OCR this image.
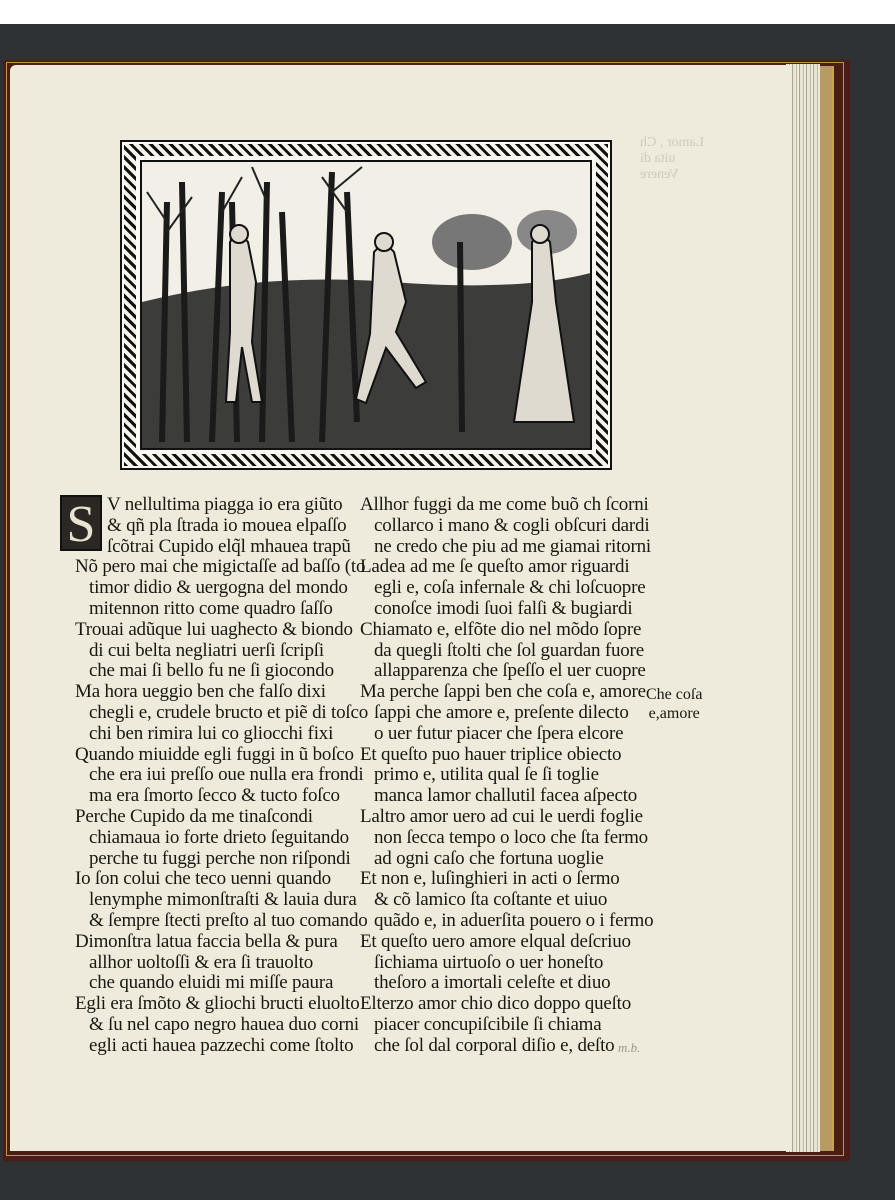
Lamor , Ch
uita di
Venere
S V nellultima piagga io era giũto
& qñ pla ſtrada io mouea elpaſſo
ſcõtrai Cupido elq̃l mhauea trapũ
Nõ pero mai che migictaſſe ad baſſo (to
timor didio & uergogna del mondo
mitennon ritto come quadro ſaſſo
Trouai adũque lui uaghecto & biondo
di cui belta negliatri uerſi ſcripſi
che mai ſi bello fu ne ſi giocondo
Ma hora ueggio ben che falſo dixi
chegli e, crudele bructo et piẽ di toſco
chi ben rimira lui co gliocchi fixi
Quando miuidde egli fuggi in ũ boſco
che era iui preſſo oue nulla era frondi
ma era ſmorto ſecco & tucto foſco
Perche Cupido da me tinaſcondi
chiamaua io forte drieto ſeguitando
perche tu fuggi perche non riſpondi
Io ſon colui che teco uenni quando
lenymphe mimonſtraſti & lauia dura
& ſempre ſtecti preſto al tuo comando
Dimonſtra latua faccia bella & pura
allhor uoltoſſi & era ſi trauolto
che quando eluidi mi miſſe paura
Egli era ſmõto & gliochi bructi eluolto
& ſu nel capo negro hauea duo corni
egli acti hauea pazzechi come ſtolto
Allhor fuggi da me come buõ ch ſcorni
collarco i mano & cogli obſcuri dardi
ne credo che piu ad me giamai ritorni
Ladea ad me ſe queſto amor riguardi
egli e, coſa infernale & chi loſcuopre
conoſce imodi ſuoi falſi & bugiardi
Chiamato e, elfõte dio nel mõdo ſopre
da quegli ſtolti che ſol guardan fuore
allapparenza che ſpeſſo el uer cuopre
Ma perche ſappi ben che coſa e, amore
ſappi che amore e, preſente dilecto
o uer futur piacer che ſpera elcore
Et queſto puo hauer triplice obiecto
primo e, utilita qual ſe ſi toglie
manca lamor challutil facea aſpecto
Laltro amor uero ad cui le uerdi foglie
non ſecca tempo o loco che ſta fermo
ad ogni caſo che fortuna uoglie
Et non e, luſinghieri in acti o ſermo
& cõ lamico ſta coſtante et uiuo
quãdo e, in aduerſita pouero o i fermo
Et queſto uero amore elqual deſcriuo
ſichiama uirtuoſo o uer honeſto
theſoro a imortali celeſte et diuo
Elterzo amor chio dico doppo queſto
piacer concupiſcibile ſi chiama
che ſol dal corporal diſio e, deſto
Che coſa
e,amore
m.b.
